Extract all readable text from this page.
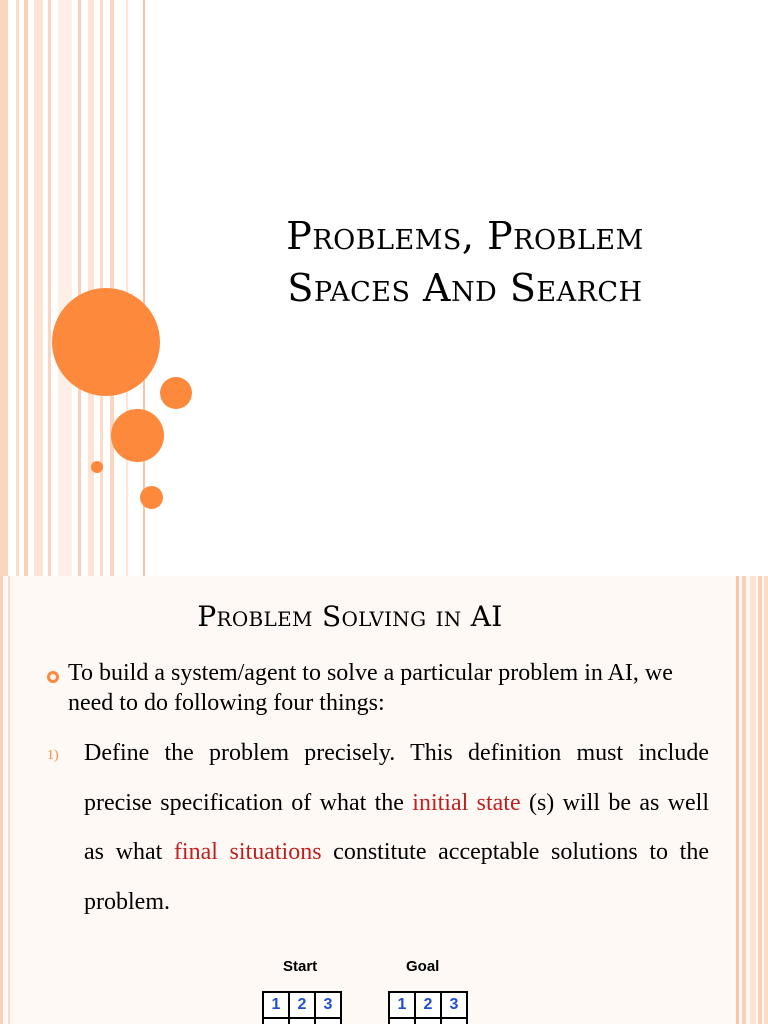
Problems, Problem
Spaces And Search
Problem Solving in AI
To build a system/agent to solve a particular problem in AI, we need to do following four things:
1) Define the problem precisely. This definition must include precise specification of what the initial state (s) will be as well as what final situations constitute acceptable solutions to the problem.
Start	Goal
1	2	3	1	2	3
